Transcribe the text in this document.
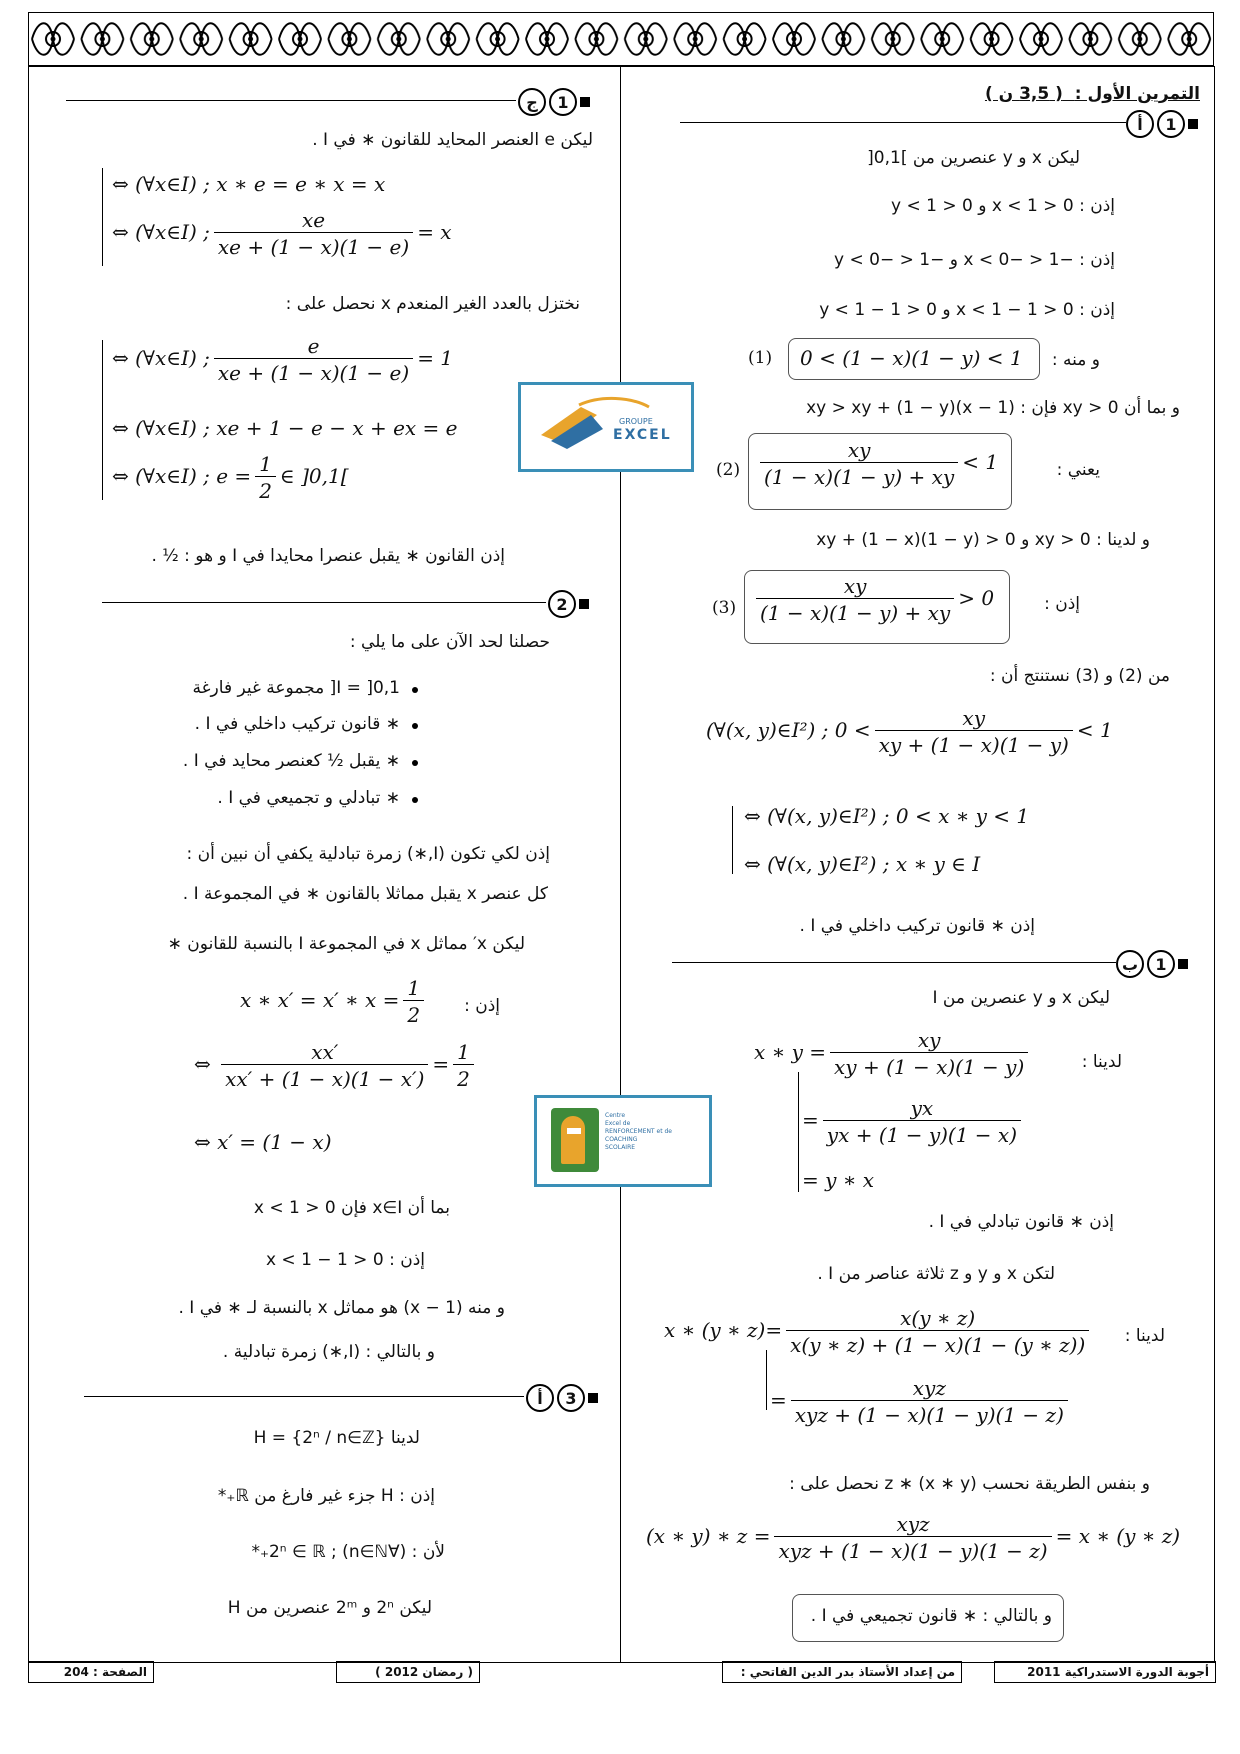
التمرين الأول :  ( 3,5 ن )
أ	1
ليكن x و y عنصرين من ]0,1[
إذن : 0 < x < 1 و 0 < y < 1
إذن : −1 < −x < 0 و −1 < −y < 0
إذن : 0 < 1 − x < 1 و 0 < 1 − y < 1
و منه :
0 < (1 − x)(1 − y) < 1
(1)
و بما أن xy > 0 فإن : (1 − x)(1 − y) + xy > xy
يعني :
$(2) \frac{xy}{(1 - x)(1 - y) + xy} < 1$
و لدينا : xy > 0 و xy + (1 − x)(1 − y) > 0
إذن :
$(3) \frac{xy}{(1 - x)(1 - y) + xy} > 0$
من (2) و (3) نستنتج أن :
(∀(x, y)∈I²) ; $0 < \frac{xy}{xy + (1 - x)(1 - y)} < 1$
⇔ (∀(x, y)∈I²) ; 0 < x ∗ y < 1
⇔ (∀(x, y)∈I²) ; x ∗ y ∈ I
إذن ∗ قانون تركيب داخلي في I .
ب	1
ليكن x و y عنصرين من I
لدينا :
x ∗ $y = \frac{xy}{xy + (1 - x)(1 - y)}$
= $\frac{yx}{yx + (1 - y)(1 - x)}$
= y ∗ x
إذن ∗ قانون تبادلي في I .
لتكن x و y و z ثلاثة عناصر من I .
لدينا :
x ∗ (y ∗ $z)= \frac{x(y ∗ z)}{x(y ∗ z) + (1 - x)(1 - (y ∗ z))}$
= $\frac{\text{xyz}}{\text{xyz + (1 − x)(1 − y)(1 − z)}}$
و بنفس الطريقة نحسب (x ∗ y) ∗ z نحصل على :
(x ∗ y) ∗ $z = \frac{\text{xyz}}{\text{xyz + (1 − x)(1 − y)(1 − z)}} = x$ ∗ (y ∗ z)
و بالتالي : ∗ قانون تجميعي في I .
ج	1
ليكن e العنصر المحايد للقانون ∗ في I .
⇔ (∀x∈I) ; x ∗ e = e ∗ x = x
⇔ (∀x∈I) ; $\frac{xe}{xe + (1 - x)(1 - e)} = x$
نختزل بالعدد الغير المنعدم x نحصل على :
⇔ (∀x∈I) ; $\frac{e}{xe + (1 - x)(1 - e)} = 1$
⇔ (∀x∈I) ; xe + 1 − e − x + ex = e
⇔ (∀x∈I) ; $e = \frac{1}{2}$ ∈ ]0,1[
إذن القانون ∗ يقبل عنصرا محايدا في I و هو : ½ .
2
حصلنا لحد الآن على ما يلي :
I = ]0,1[ مجموعة غير فارغة
∗ قانون تركيب داخلي في I .
∗ يقبل ½ كعنصر محايد في I .
∗ تبادلي و تجميعي في I .
إذن لكي تكون (I,∗) زمرة تبادلية يكفي أن نبين أن :
كل عنصر x يقبل مماثلا بالقانون ∗ في المجموعة I .
ليكن x′ مماثل x في المجموعة I بالنسبة للقانون ∗
إذن :
x ∗ x′ = x′ ∗ $x = \frac{1}{2}$
⇔ $\frac{xx'}{xx' + (1 - x)(1 - x')} = \frac{1}{2}$
⇔ x′ = (1 − x)
بما أن x∈I فإن 0 < x < 1
إذن : 0 < 1 − x < 1
و منه (1 − x) هو مماثل x بالنسبة لـ ∗ في I .
و بالتالي : (I,∗) زمرة تبادلية .
أ	3
لدينا H = {2ⁿ / n∈ℤ}
إذن : H جزء غير فارغ من ℝ₊*
لأن : (∀n∈ℕ) ; 2ⁿ ∈ ℝ₊*
ليكن 2ⁿ و 2ᵐ عنصرين من H
GROUPE
EXCEL
Centre
Excel de
RENFORCEMENT et de
COACHING
SCOLAIRE
الصفحة : 204	( رمضان 2012 )	من إعداد الأستاذ بدر الدين الفاتحي :	أجوبة الدورة الاستدراكية 2011
